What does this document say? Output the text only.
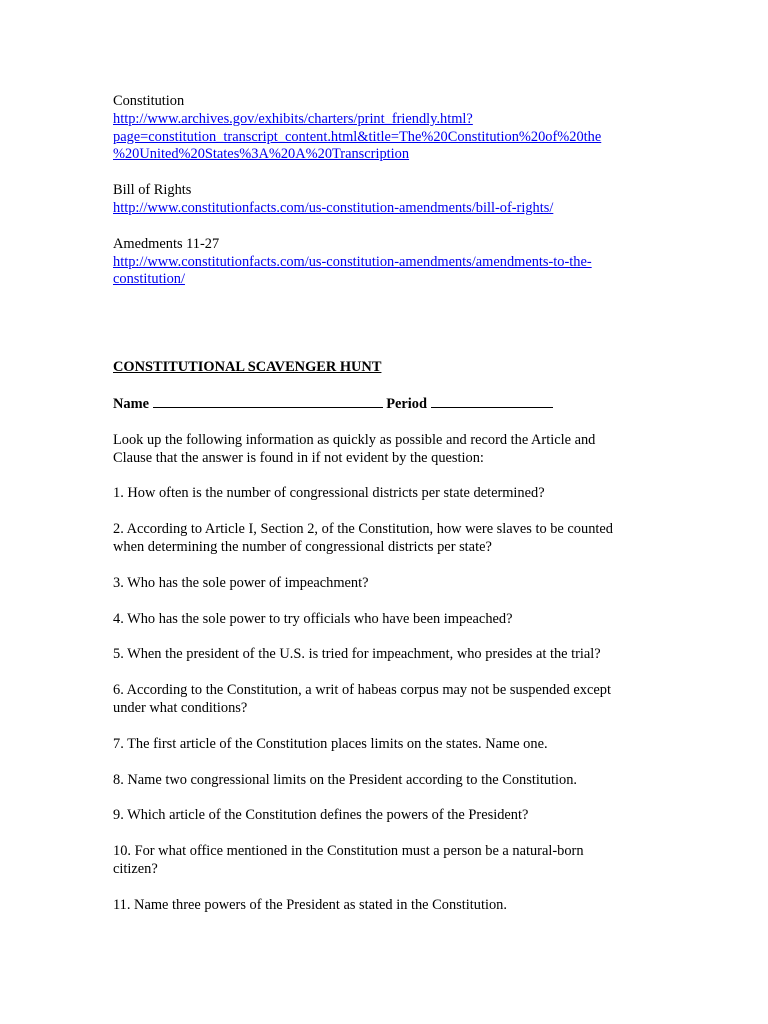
Constitution
http://www.archives.gov/exhibits/charters/print_friendly.html?
page=constitution_transcript_content.html&title=The%20Constitution%20of%20the
%20United%20States%3A%20A%20Transcription
Bill of Rights
http://www.constitutionfacts.com/us-constitution-amendments/bill-of-rights/
Amedments 11-27
http://www.constitutionfacts.com/us-constitution-amendments/amendments-to-the-
constitution/
CONSTITUTIONAL SCAVENGER HUNT
Name	Period
Look up the following information as quickly as possible and record the Article and
Clause that the answer is found in if not evident by the question:
1. How often is the number of congressional districts per state determined?
2. According to Article I, Section 2, of the Constitution, how were slaves to be counted
when determining the number of congressional districts per state?
3. Who has the sole power of impeachment?
4. Who has the sole power to try officials who have been impeached?
5. When the president of the U.S. is tried for impeachment, who presides at the trial?
6. According to the Constitution, a writ of habeas corpus may not be suspended except
under what conditions?
7. The first article of the Constitution places limits on the states. Name one.
8. Name two congressional limits on the President according to the Constitution.
9. Which article of the Constitution defines the powers of the President?
10. For what office mentioned in the Constitution must a person be a natural-born
citizen?
11. Name three powers of the President as stated in the Constitution.
